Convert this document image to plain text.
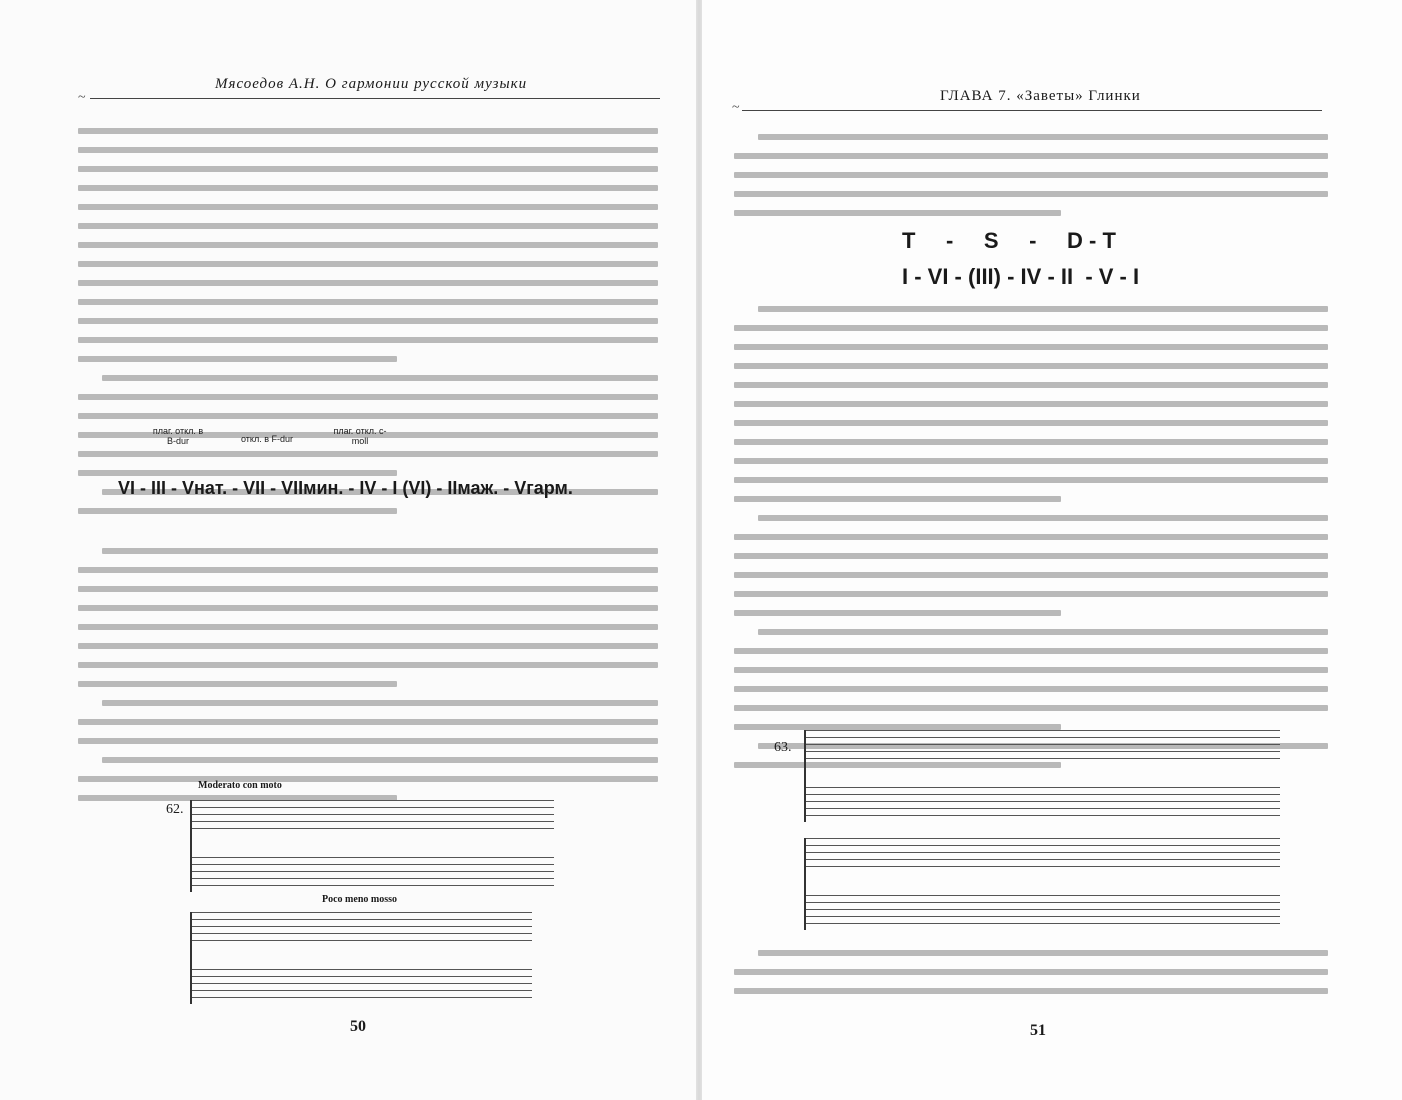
~
Мясоедов А.Н. О гармонии русской музыки
плаг. откл. в B-dur	откл. в F-dur
плаг. откл. c-moll
VI - III - Vнат. - VII - VIIмин. - IV - I (VI) - IIмаж. - Vгарм.
Moderato con moto
62.
Poco meno mosso
50
~
ГЛАВА 7. «Заветы» Глинки
T     -     S     -     D - T
I - VI - (III) - IV - II  - V - I
63.
51
